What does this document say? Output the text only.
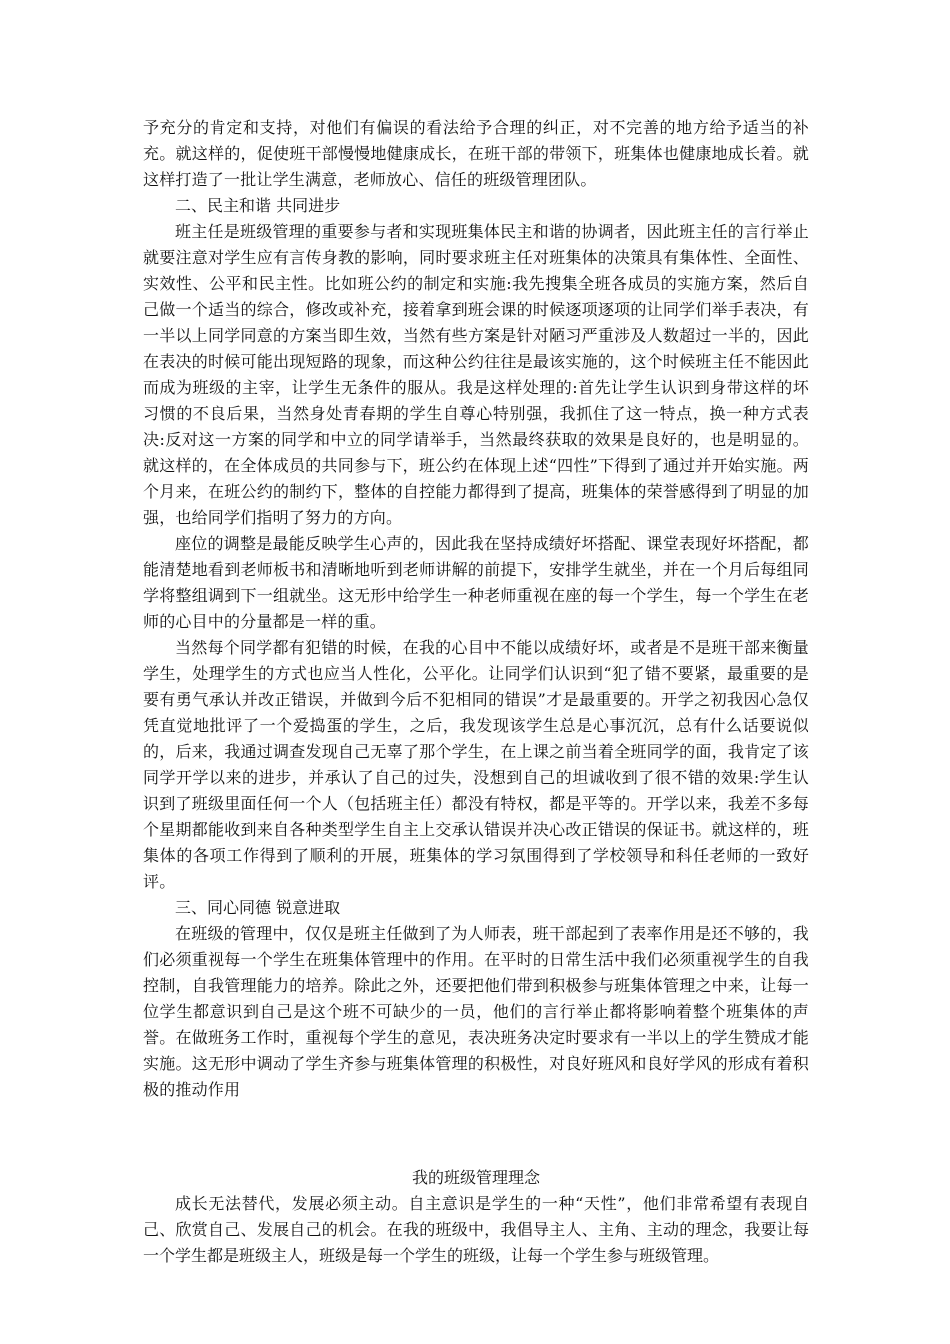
予充分的肯定和支持，对他们有偏误的看法给予合理的纠正，对不完善的地方给予适当的补充。就这样的，促使班干部慢慢地健康成长，在班干部的带领下，班集体也健康地成长着。就这样打造了一批让学生满意，老师放心、信任的班级管理团队。

二、民主和谐 共同进步

班主任是班级管理的重要参与者和实现班集体民主和谐的协调者，因此班主任的言行举止就要注意对学生应有言传身教的影响，同时要求班主任对班集体的决策具有集体性、全面性、实效性、公平和民主性。比如班公约的制定和实施:我先搜集全班各成员的实施方案，然后自己做一个适当的综合，修改或补充，接着拿到班会课的时候逐项逐项的让同学们举手表决，有一半以上同学同意的方案当即生效，当然有些方案是针对陋习严重涉及人数超过一半的，因此在表决的时候可能出现短路的现象，而这种公约往往是最该实施的，这个时候班主任不能因此而成为班级的主宰，让学生无条件的服从。我是这样处理的:首先让学生认识到身带这样的坏习惯的不良后果，当然身处青春期的学生自尊心特别强，我抓住了这一特点，换一种方式表决:反对这一方案的同学和中立的同学请举手，当然最终获取的效果是良好的，也是明显的。就这样的，在全体成员的共同参与下，班公约在体现上述“四性”下得到了通过并开始实施。两个月来，在班公约的制约下，整体的自控能力都得到了提高，班集体的荣誉感得到了明显的加强，也给同学们指明了努力的方向。

座位的调整是最能反映学生心声的，因此我在坚持成绩好坏搭配、课堂表现好坏搭配，都能清楚地看到老师板书和清晰地听到老师讲解的前提下，安排学生就坐，并在一个月后每组同学将整组调到下一组就坐。这无形中给学生一种老师重视在座的每一个学生，每一个学生在老师的心目中的分量都是一样的重。

当然每个同学都有犯错的时候，在我的心目中不能以成绩好坏，或者是不是班干部来衡量学生，处理学生的方式也应当人性化，公平化。让同学们认识到“犯了错不要紧，最重要的是要有勇气承认并改正错误，并做到今后不犯相同的错误”才是最重要的。开学之初我因心急仅凭直觉地批评了一个爱捣蛋的学生，之后，我发现该学生总是心事沉沉，总有什么话要说似的，后来，我通过调查发现自己无辜了那个学生，在上课之前当着全班同学的面，我肯定了该同学开学以来的进步，并承认了自己的过失，没想到自己的坦诚收到了很不错的效果:学生认识到了班级里面任何一个人（包括班主任）都没有特权，都是平等的。开学以来，我差不多每个星期都能收到来自各种类型学生自主上交承认错误并决心改正错误的保证书。就这样的，班集体的各项工作得到了顺利的开展，班集体的学习氛围得到了学校领导和科任老师的一致好评。

三、同心同德 锐意进取

在班级的管理中，仅仅是班主任做到了为人师表，班干部起到了表率作用是还不够的，我们必须重视每一个学生在班集体管理中的作用。在平时的日常生活中我们必须重视学生的自我控制，自我管理能力的培养。除此之外，还要把他们带到积极参与班集体管理之中来，让每一位学生都意识到自己是这个班不可缺少的一员，他们的言行举止都将影响着整个班集体的声誉。在做班务工作时，重视每个学生的意见，表决班务决定时要求有一半以上的学生赞成才能实施。这无形中调动了学生齐参与班集体管理的积极性，对良好班风和良好学风的形成有着积极的推动作用

我的班级管理理念

成长无法替代，发展必须主动。自主意识是学生的一种“天性”，他们非常希望有表现自己、欣赏自己、发展自己的机会。在我的班级中，我倡导主人、主角、主动的理念，我要让每一个学生都是班级主人，班级是每一个学生的班级，让每一个学生参与班级管理。
